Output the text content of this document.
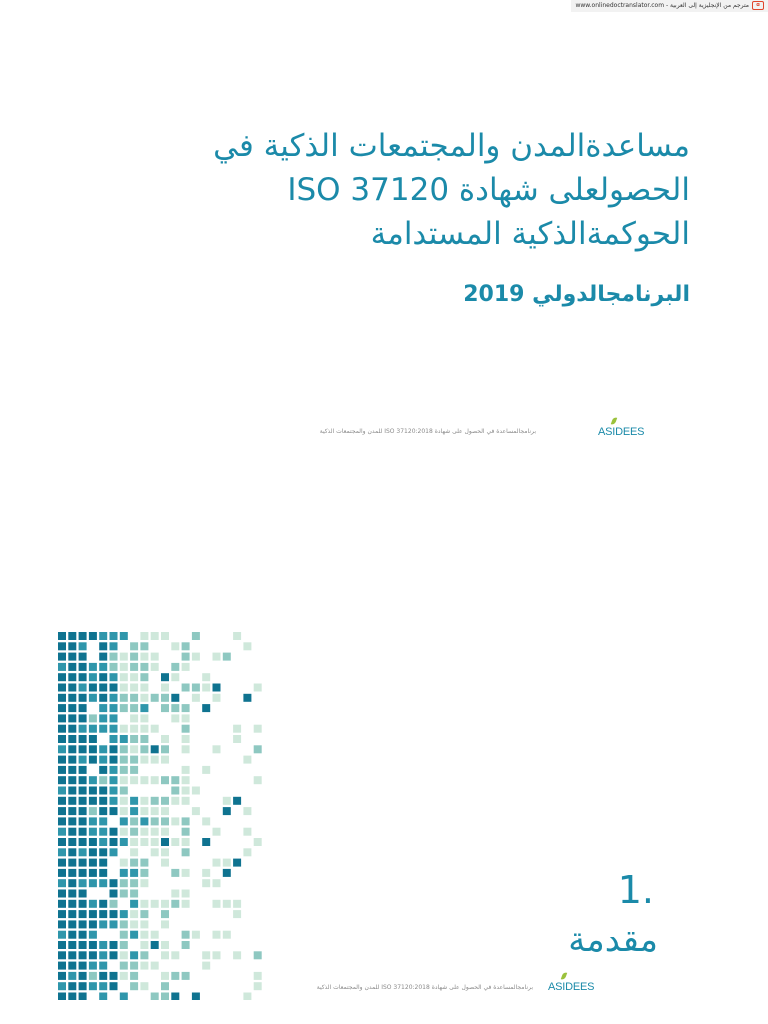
www.onlinedoctranslator.com - مترجم من الإنجليزية إلى العربية	ɑ
مساعدةالمدن والمجتمعات الذكية في
الحصولعلى شهادة ISO 37120
الحوكمةالذكية المستدامة
البرنامجالدولي 2019
برنامجالمساعدة في الحصول على شهادة ISO 37120:2018 للمدن والمجتمعات الذكية	ASIDEES
1.
مقدمة
برنامجالمساعدة في الحصول على شهادة ISO 37120:2018 للمدن والمجتمعات الذكية ASIDEES
